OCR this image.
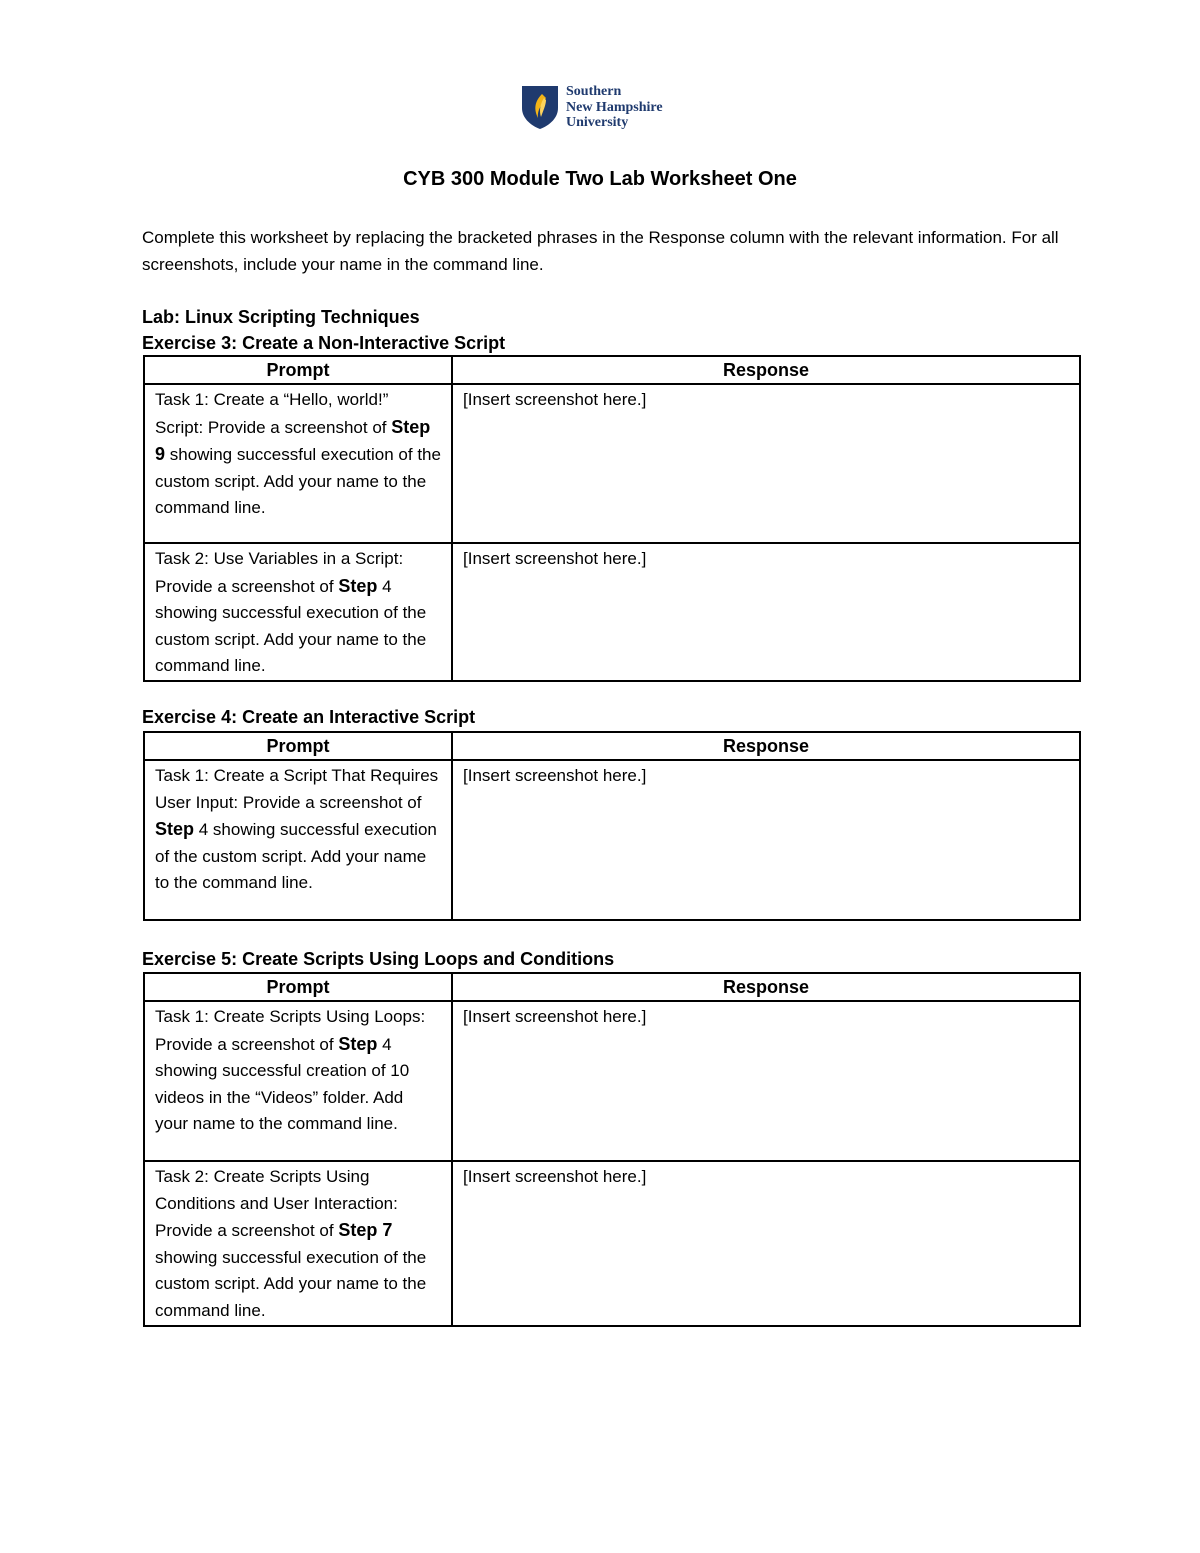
Southern
New Hampshire
University
CYB 300 Module Two Lab Worksheet One
Complete this worksheet by replacing the bracketed phrases in the Response column with the relevant information. For all screenshots, include your name in the command line.
Lab: Linux Scripting Techniques
Exercise 3: Create a Non-Interactive Script
Prompt	Response
Task 1: Create a “Hello, world!” Script: Provide a screenshot of Step 9 showing successful execution of the custom script. Add your name to the command line.	[Insert screenshot here.]
Task 2: Use Variables in a Script: Provide a screenshot of Step 4 showing successful execution of the custom script. Add your name to the command line.	[Insert screenshot here.]
Exercise 4: Create an Interactive Script
Prompt	Response
Task 1: Create a Script That Requires User Input: Provide a screenshot of Step 4 showing successful execution of the custom script. Add your name to the command line.	[Insert screenshot here.]
Exercise 5: Create Scripts Using Loops and Conditions
Prompt	Response
Task 1: Create Scripts Using Loops: Provide a screenshot of Step 4 showing successful creation of 10 videos in the “Videos” folder. Add your name to the command line.	[Insert screenshot here.]
Task 2: Create Scripts Using Conditions and User Interaction: Provide a screenshot of Step 7 showing successful execution of the custom script. Add your name to the command line.	[Insert screenshot here.]
